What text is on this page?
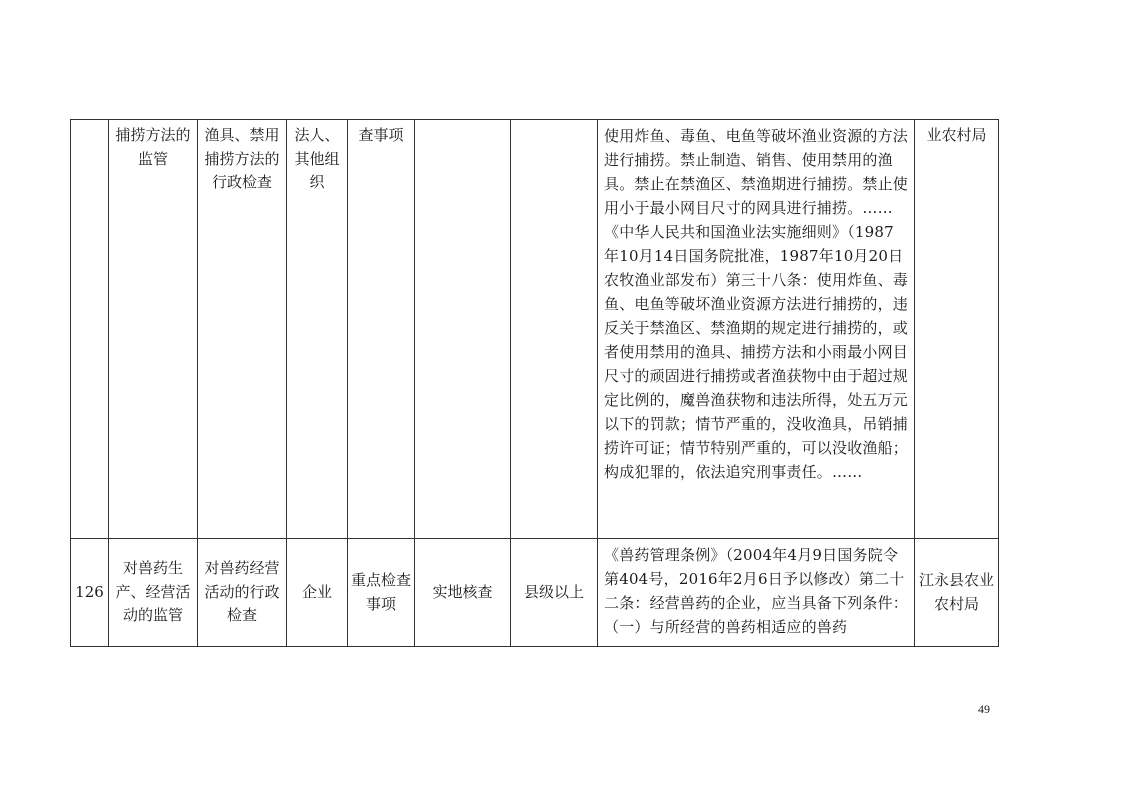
	捕捞方法的监管	渔具、禁用捕捞方法的行政检查	法人、其他组织	查事项			使用炸鱼、毒鱼、电鱼等破坏渔业资源的方法进行捕捞。禁止制造、销售、使用禁用的渔具。禁止在禁渔区、禁渔期进行捕捞。禁止使用小于最小网目尺寸的网具进行捕捞。……《中华人民共和国渔业法实施细则》（1987年10月14日国务院批准，1987年10月20日农牧渔业部发布）第三十八条：使用炸鱼、毒鱼、电鱼等破坏渔业资源方法进行捕捞的，违反关于禁渔区、禁渔期的规定进行捕捞的，或者使用禁用的渔具、捕捞方法和小雨最小网目尺寸的顽固进行捕捞或者渔获物中由于超过规定比例的，魔兽渔获物和违法所得，处五万元以下的罚款；情节严重的，没收渔具，吊销捕捞许可证；情节特别严重的，可以没收渔船；构成犯罪的，依法追究刑事责任。……	业农村局
126	对兽药生产、经营活动的监管	对兽药经营活动的行政检查	企业	重点检查事项	实地核查	县级以上	《兽药管理条例》（2004年4月9日国务院令第404号，2016年2月6日予以修改）第二十二条：经营兽药的企业，应当具备下列条件：（一）与所经营的兽药相适应的兽药	江永县农业农村局
49
